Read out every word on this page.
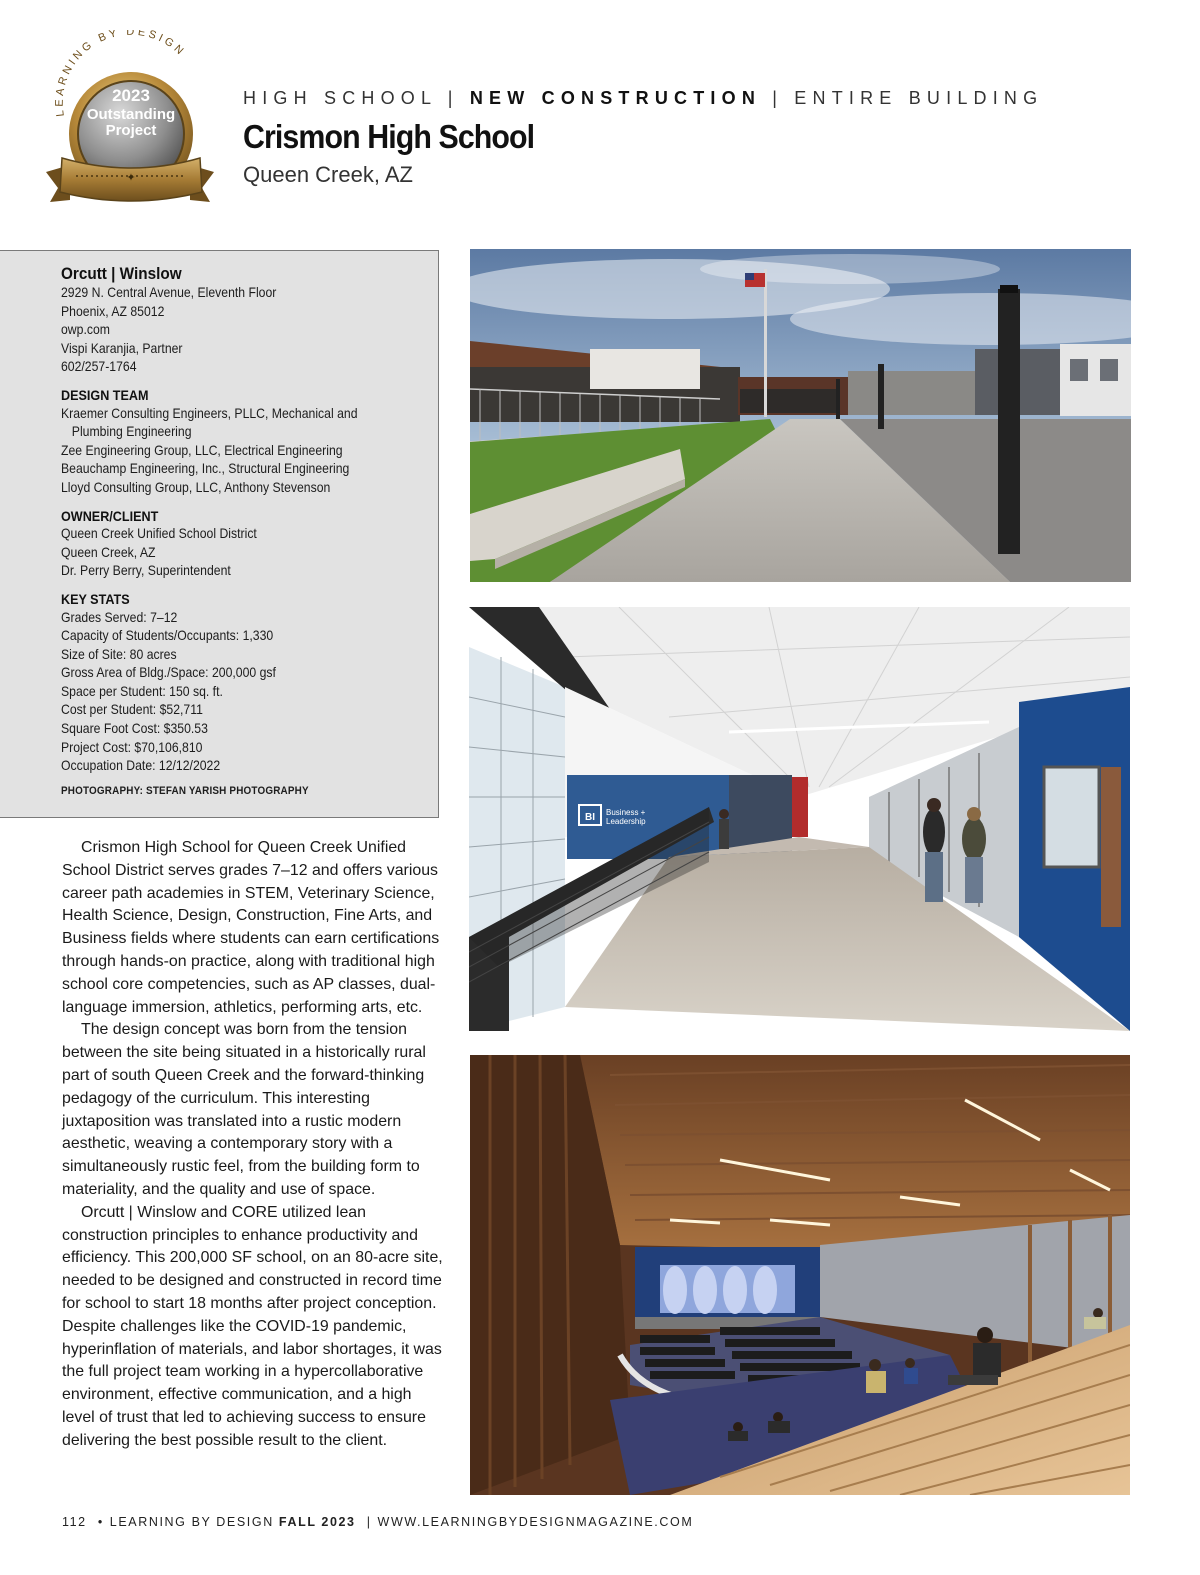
LEARNING BY DESIGN
2023
Outstanding
Project
✦
HIGH SCHOOL | NEW CONSTRUCTION | ENTIRE BUILDING
Crismon High School
Queen Creek, AZ
Orcutt | Winslow
2929 N. Central Avenue, Eleventh Floor
Phoenix, AZ 85012
owp.com
Vispi Karanjia, Partner
602/257-1764
DESIGN TEAM
Kraemer Consulting Engineers, PLLC, Mechanical and
Plumbing Engineering
Zee Engineering Group, LLC, Electrical Engineering
Beauchamp Engineering, Inc., Structural Engineering
Lloyd Consulting Group, LLC, Anthony Stevenson
OWNER/CLIENT
Queen Creek Unified School District
Queen Creek, AZ
Dr. Perry Berry, Superintendent
KEY STATS
Grades Served: 7–12
Capacity of Students/Occupants: 1,330
Size of Site: 80 acres
Gross Area of Bldg./Space: 200,000 gsf
Space per Student: 150 sq. ft.
Cost per Student: $52,711
Square Foot Cost: $350.53
Project Cost: $70,106,810
Occupation Date: 12/12/2022
PHOTOGRAPHY: STEFAN YARISH PHOTOGRAPHY

Crismon High School for Queen Creek Unified School District serves grades 7–12 and offers various career path academies in STEM, Veterinary Science, Health Science, Design, Construction, Fine Arts, and Business fields where students can earn certifications through hands-on practice, along with traditional high school core competencies, such as AP classes, dual-language immersion, athletics, performing arts, etc.

The design concept was born from the tension between the site being situated in a historically rural part of south Queen Creek and the forward-thinking pedagogy of the curriculum. This interesting juxtaposition was translated into a rustic modern aesthetic, weaving a contemporary story with a simultaneously rustic feel, from the building form to materiality, and the quality and use of space.

Orcutt | Winslow and CORE utilized lean construction principles to enhance productivity and efficiency. This 200,000 SF school, on an 80-acre site, needed to be designed and constructed in record time for school to start 18 months after project conception. Despite challenges like the COVID-19 pandemic, hyperinflation of materials, and labor shortages, it was the full project team working in a hypercollaborative environment, effective communication, and a high level of trust that led to achieving success to ensure delivering the best possible result to the client.

BI Business +
Leadership
112 • LEARNING BY DESIGN FALL 2023 | WWW.LEARNINGBYDESIGNMAGAZINE.COM
